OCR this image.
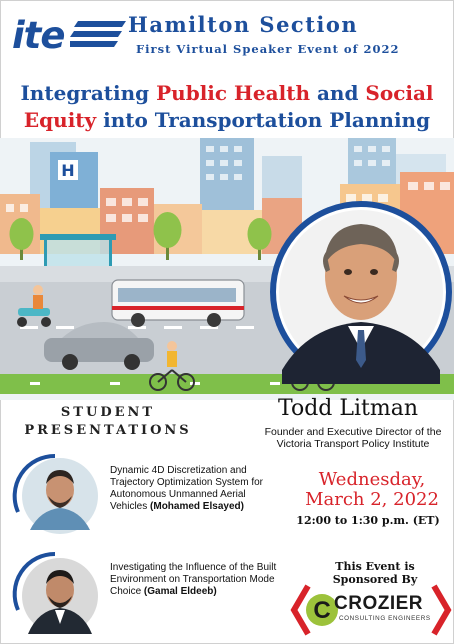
ite	Hamilton Section
First Virtual Speaker Event of 2022
Integrating Public Health and Social
Equity into Transportation Planning
H
STUDENT
PRESENTATIONS
Todd Litman
Founder and Executive Director of the
Victoria Transport Policy Institute
Dynamic 4D Discretization and Trajectory Optimization System for Autonomous Unmanned Aerial Vehicles (Mohamed Elsayed)
Investigating the Influence of the Built Environment on Transportation Mode Choice (Gamal Eldeeb)
Wednesday,
March 2, 2022
12:00 to 1:30 p.m. (ET)
This Event is
Sponsored By
C CROZIER
CONSULTING ENGINEERS
